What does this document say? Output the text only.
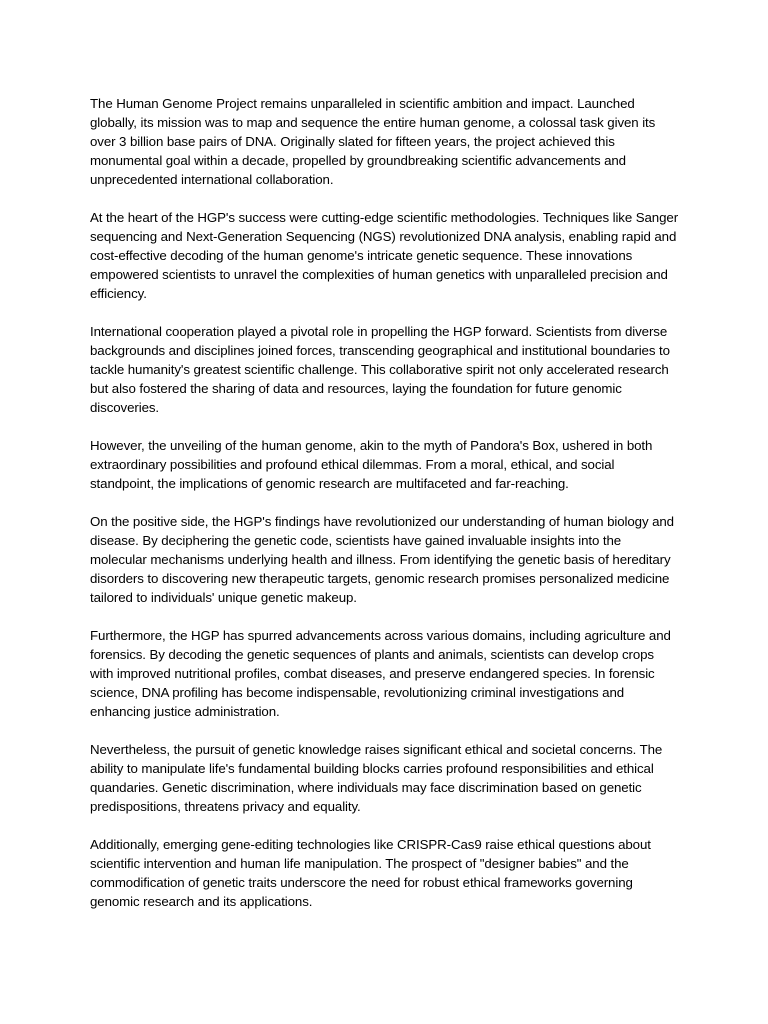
The Human Genome Project remains unparalleled in scientific ambition and impact. Launched globally, its mission was to map and sequence the entire human genome, a colossal task given its over 3 billion base pairs of DNA. Originally slated for fifteen years, the project achieved this monumental goal within a decade, propelled by groundbreaking scientific advancements and unprecedented international collaboration.

At the heart of the HGP's success were cutting-edge scientific methodologies. Techniques like Sanger sequencing and Next-Generation Sequencing (NGS) revolutionized DNA analysis, enabling rapid and cost-effective decoding of the human genome's intricate genetic sequence. These innovations empowered scientists to unravel the complexities of human genetics with unparalleled precision and efficiency.

International cooperation played a pivotal role in propelling the HGP forward. Scientists from diverse backgrounds and disciplines joined forces, transcending geographical and institutional boundaries to tackle humanity's greatest scientific challenge. This collaborative spirit not only accelerated research but also fostered the sharing of data and resources, laying the foundation for future genomic discoveries.

However, the unveiling of the human genome, akin to the myth of Pandora's Box, ushered in both extraordinary possibilities and profound ethical dilemmas. From a moral, ethical, and social standpoint, the implications of genomic research are multifaceted and far-reaching.

On the positive side, the HGP's findings have revolutionized our understanding of human biology and disease. By deciphering the genetic code, scientists have gained invaluable insights into the molecular mechanisms underlying health and illness. From identifying the genetic basis of hereditary disorders to discovering new therapeutic targets, genomic research promises personalized medicine tailored to individuals' unique genetic makeup.

Furthermore, the HGP has spurred advancements across various domains, including agriculture and forensics. By decoding the genetic sequences of plants and animals, scientists can develop crops with improved nutritional profiles, combat diseases, and preserve endangered species. In forensic science, DNA profiling has become indispensable, revolutionizing criminal investigations and enhancing justice administration.

Nevertheless, the pursuit of genetic knowledge raises significant ethical and societal concerns. The ability to manipulate life's fundamental building blocks carries profound responsibilities and ethical quandaries. Genetic discrimination, where individuals may face discrimination based on genetic predispositions, threatens privacy and equality.

Additionally, emerging gene-editing technologies like CRISPR-Cas9 raise ethical questions about scientific intervention and human life manipulation. The prospect of "designer babies" and the commodification of genetic traits underscore the need for robust ethical frameworks governing genomic research and its applications.
